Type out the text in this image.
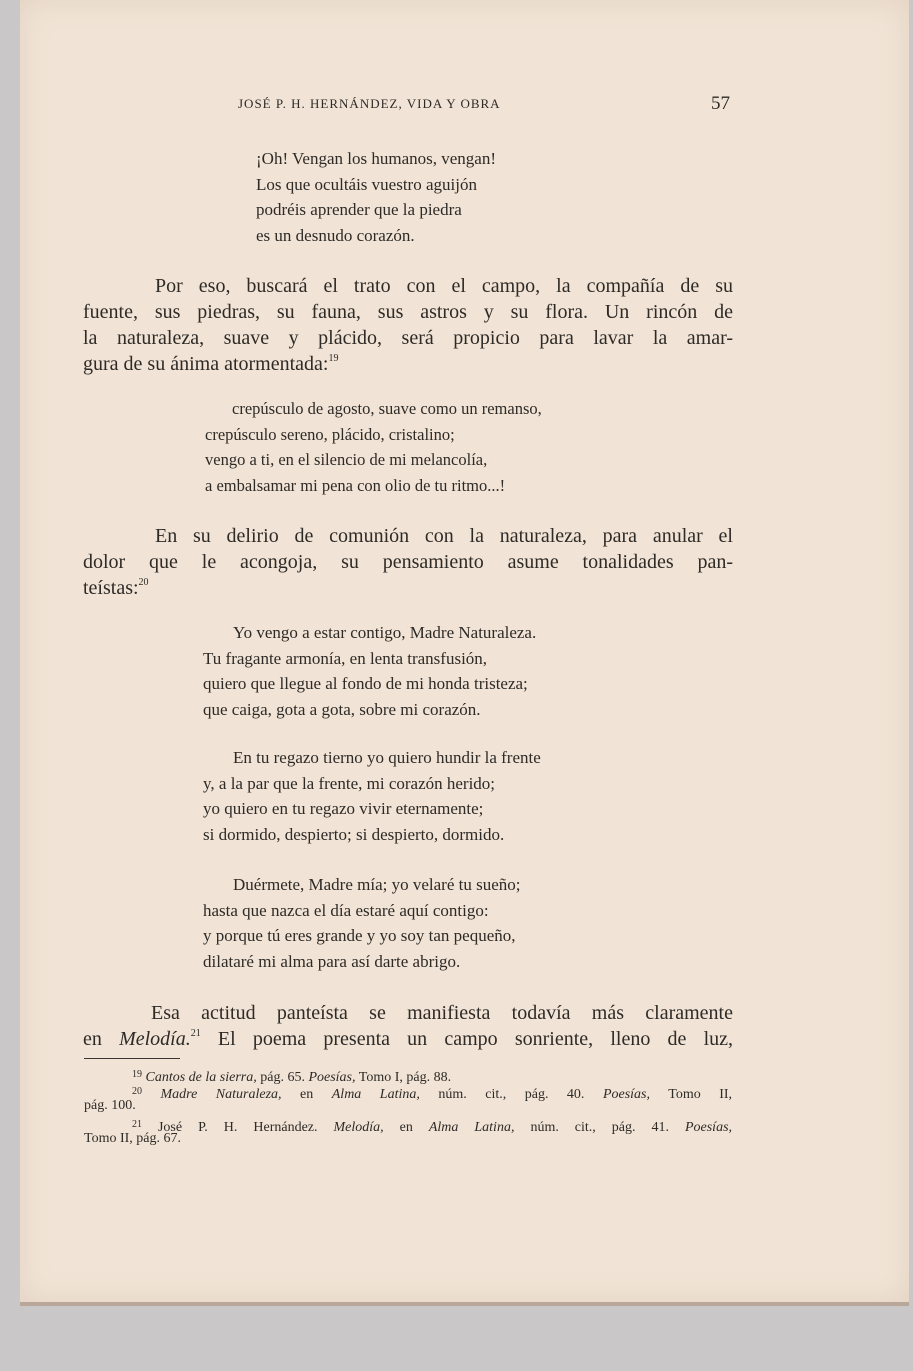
JOSÉ P. H. HERNÁNDEZ, VIDA Y OBRA	57
¡Oh! Vengan los humanos, vengan!
Los que ocultáis vuestro aguijón
podréis aprender que la piedra
es un desnudo corazón.
Por eso, buscará el trato con el campo, la compañía de su
fuente, sus piedras, su fauna, sus astros y su flora. Un rincón de
la naturaleza, suave y plácido, será propicio para lavar la amar-
gura de su ánima atormentada:$^{19}$
crepúsculo de agosto, suave como un remanso,
crepúsculo sereno, plácido, cristalino;
vengo a ti, en el silencio de mi melancolía,
a embalsamar mi pena con olio de tu ritmo...!
En su delirio de comunión con la naturaleza, para anular el
dolor que le acongoja, su pensamiento asume tonalidades pan-
teístas:$^{20}$
Yo vengo a estar contigo, Madre Naturaleza.
Tu fragante armonía, en lenta transfusión,
quiero que llegue al fondo de mi honda tristeza;
que caiga, gota a gota, sobre mi corazón.
En tu regazo tierno yo quiero hundir la frente
y, a la par que la frente, mi corazón herido;
yo quiero en tu regazo vivir eternamente;
si dormido, despierto; si despierto, dormido.
Duérmete, Madre mía; yo velaré tu sueño;
hasta que nazca el día estaré aquí contigo:
y porque tú eres grande y yo soy tan pequeño,
dilataré mi alma para así darte abrigo.
Esa actitud panteísta se manifiesta todavía más claramente
en Melodía.$^{21}$ El poema presenta un campo sonriente, lleno de luz,
$^{19}$ Cantos de la sierra, pág. 65. Poesías, Tomo I, pág. 88.
$^{20}$ Madre Naturaleza, en Alma Latina, núm. cit., pág. 40. Poesías, Tomo II,
pág. 100.
$^{21}$ José P. H. Hernández. Melodía, en Alma Latina, núm. cit., pág. 41. Poesías,
Tomo II, pág. 67.
